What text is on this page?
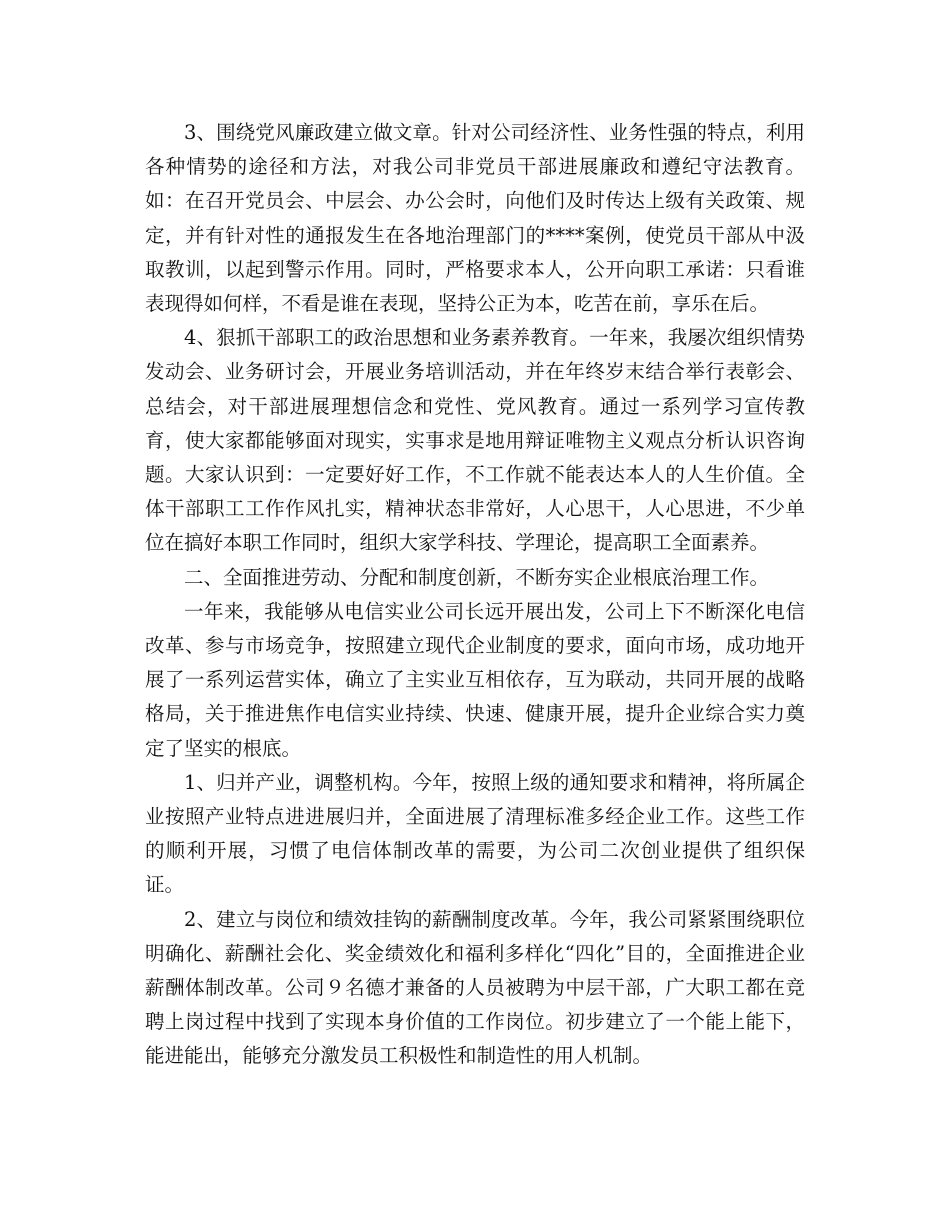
3、围绕党风廉政建立做文章。针对公司经济性、业务性强的特点，利用各种情势的途径和方法，对我公司非党员干部进展廉政和遵纪守法教育。如：在召开党员会、中层会、办公会时，向他们及时传达上级有关政策、规定，并有针对性的通报发生在各地治理部门的****案例，使党员干部从中汲取教训，以起到警示作用。同时，严格要求本人，公开向职工承诺：只看谁表现得如何样，不看是谁在表现，坚持公正为本，吃苦在前，享乐在后。

4、狠抓干部职工的政治思想和业务素养教育。一年来，我屡次组织情势发动会、业务研讨会，开展业务培训活动，并在年终岁末结合举行表彰会、总结会，对干部进展理想信念和党性、党风教育。通过一系列学习宣传教育，使大家都能够面对现实，实事求是地用辩证唯物主义观点分析认识咨询题。大家认识到：一定要好好工作，不工作就不能表达本人的人生价值。全体干部职工工作作风扎实，精神状态非常好，人心思干，人心思进，不少单位在搞好本职工作同时，组织大家学科技、学理论，提高职工全面素养。

二、全面推进劳动、分配和制度创新，不断夯实企业根底治理工作。

一年来，我能够从电信实业公司长远开展出发，公司上下不断深化电信改革、参与市场竞争，按照建立现代企业制度的要求，面向市场，成功地开展了一系列运营实体，确立了主实业互相依存，互为联动，共同开展的战略格局，关于推进焦作电信实业持续、快速、健康开展，提升企业综合实力奠定了坚实的根底。

1、归并产业，调整机构。今年，按照上级的通知要求和精神，将所属企业按照产业特点进进展归并，全面进展了清理标准多经企业工作。这些工作的顺利开展，习惯了电信体制改革的需要，为公司二次创业提供了组织保证。

2、建立与岗位和绩效挂钩的薪酬制度改革。今年，我公司紧紧围绕职位明确化、薪酬社会化、奖金绩效化和福利多样化“四化”目的，全面推进企业薪酬体制改革。公司９名德才兼备的人员被聘为中层干部，广大职工都在竞聘上岗过程中找到了实现本身价值的工作岗位。初步建立了一个能上能下，能进能出，能够充分激发员工积极性和制造性的用人机制。
